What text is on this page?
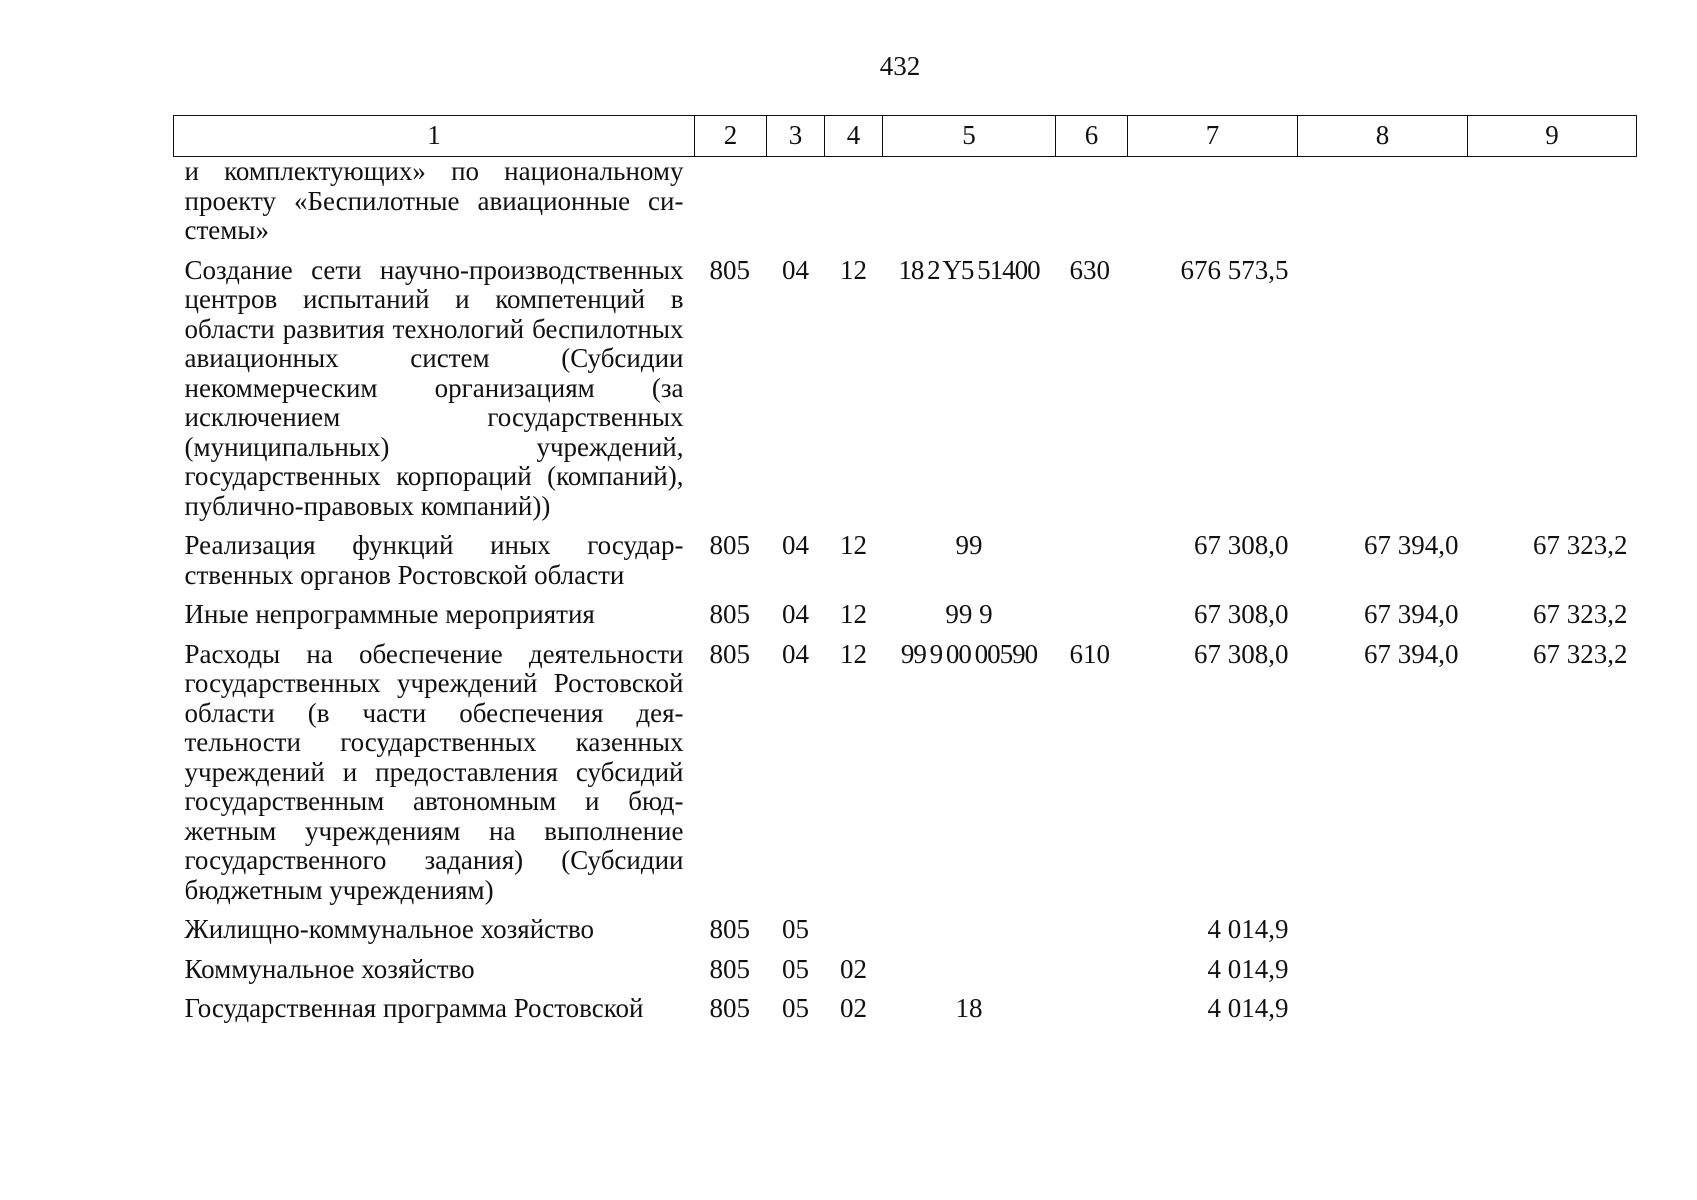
432
1	2	3	4	5	6	7	8	9
и комплектующих» по национальному проекту «Беспилотные авиационные системы»								
Создание сети научно-производственных центров испытаний и компетенций в области развития технологий беспилотных авиационных систем (Субсидии некоммерческим организациям (за исключением государственных (муниципальных) учреждений, государственных корпораций (компаний), публично-правовых компаний))	805	04	12	18 2 Y5 51400	630	676 573,5		
Реализация функций иных государственных органов Ростовской области	805	04	12	99		67 308,0	67 394,0	67 323,2
Иные непрограммные мероприятия	805	04	12	99 9		67 308,0	67 394,0	67 323,2
Расходы на обеспечение деятельности государственных учреждений Ростовской области (в части обеспечения деятельности государственных казенных учреждений и предоставления субсидий государственным автономным и бюджетным учреждениям на выполнение государственного задания) (Субсидии бюджетным учреждениям)	805	04	12	99 9 00 00590	610	67 308,0	67 394,0	67 323,2
Жилищно-коммунальное хозяйство	805	05				4 014,9		
Коммунальное хозяйство	805	05	02			4 014,9		
Государственная программа Ростовской	805	05	02	18		4 014,9		
